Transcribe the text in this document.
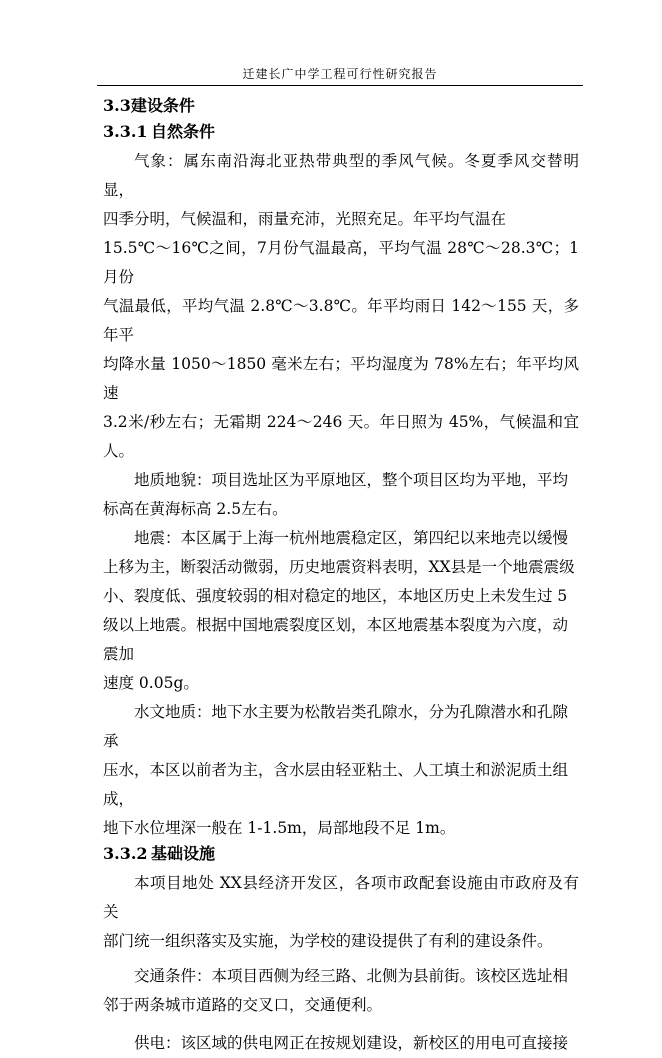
迁建长广中学工程可行性研究报告
3.3建设条件
3.3.1 自然条件

气象：属东南沿海北亚热带典型的季风气候。冬夏季风交替明显，

四季分明，气候温和，雨量充沛，光照充足。年平均气温在

15.5℃～16℃之间，7月份气温最高，平均气温 28℃～28.3℃；1月份

气温最低，平均气温 2.8℃～3.8℃。年平均雨日 142～155 天，多年平

均降水量 1050～1850 毫米左右；平均湿度为 78%左右；年平均风速

3.2米/秒左右；无霜期 224～246 天。年日照为 45%，气候温和宜人。

地质地貌：项目选址区为平原地区，整个项目区均为平地，平均

标高在黄海标高 2.5左右。

地震：本区属于上海一杭州地震稳定区，第四纪以来地壳以缓慢

上移为主，断裂活动微弱，历史地震资料表明，XX县是一个地震震级

小、裂度低、强度较弱的相对稳定的地区，本地区历史上未发生过 5

级以上地震。根据中国地震裂度区划，本区地震基本裂度为六度，动

震加

速度 0.05g。

水文地质：地下水主要为松散岩类孔隙水，分为孔隙潜水和孔隙

承

压水，本区以前者为主，含水层由轻亚粘土、人工填土和淤泥质土组

成，

地下水位埋深一般在 1-1.5m，局部地段不足 1m。

3.3.2 基础设施

本项目地处 XX县经济开发区，各项市政配套设施由市政府及有关

部门统一组织落实及实施，为学校的建设提供了有利的建设条件。

交通条件：本项目西侧为经三路、北侧为县前街。该校区选址相

邻于两条城市道路的交叉口，交通便利。

供电：该区域的供电网正在按规划建设，新校区的用电可直接接
